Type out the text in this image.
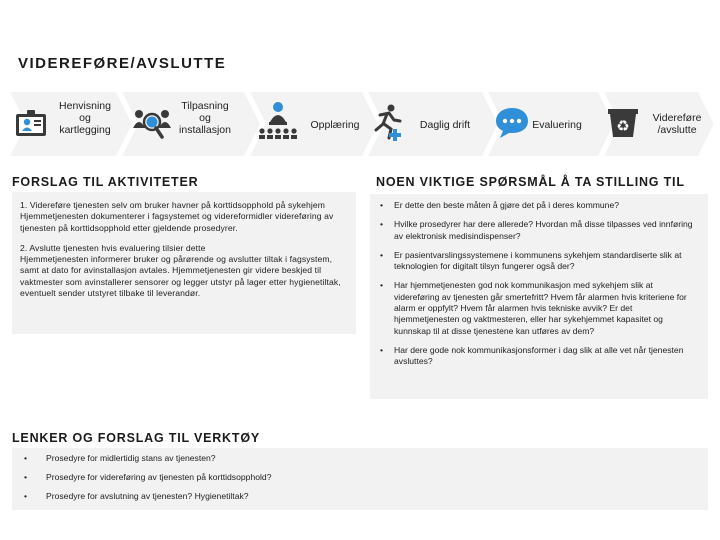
VIDEREFØRE/AVSLUTTE
Henvisning
og
kartlegging
Tilpasning
og
installasjon	Opplæring	Daglig drift	Evaluering	♻	Videreføre
/avslutte
✱
FORSLAG TIL AKTIVITETER

1. Videreføre tjenesten selv om bruker havner på korttidsopphold på sykehjem
Hjemmetjenesten dokumenterer i fagsystemet og videreformidler videreføring av tjenesten på korttidsopphold etter gjeldende prosedyrer.

2. Avslutte tjenesten hvis evaluering tilsier dette
Hjemmetjenesten informerer bruker og pårørende og avslutter tiltak i fagsystem, samt at dato for avinstallasjon avtales. Hjemmetjenesten gir videre beskjed til vaktmester som avinstallerer sensorer og legger utstyr på lager etter hygienetiltak, eventuelt sender utstyret tilbake til leverandør.

NOEN VIKTIGE SPØRSMÅL Å TA STILLING TIL
• Er dette den beste måten å gjøre det på i deres kommune?
• Hvilke prosedyrer har dere allerede? Hvordan må disse tilpasses ved innføring av elektronisk medisindispenser?
• Er pasientvarslingssystemene i kommunens sykehjem standardiserte slik at teknologien for digitalt tilsyn fungerer også der?
• Har hjemmetjenesten god nok kommunikasjon med sykehjem slik at videreføring av tjenesten går smertefritt? Hvem får alarmen hvis kriteriene for alarm er oppfylt? Hvem får alarmen hvis tekniske avvik? Er det hjemmetjenesten og vaktmesteren, eller har sykehjemmet kapasitet og kunnskap til at disse tjenestene kan utføres av dem?
• Har dere gode nok kommunikasjonsformer i dag slik at alle vet når tjenesten avsluttes?
LENKER OG FORSLAG TIL VERKTØY
• Prosedyre for midlertidig stans av tjenesten?
• Prosedyre for videreføring av tjenesten på korttidsopphold?
• Prosedyre for avslutning av tjenesten? Hygienetiltak?
